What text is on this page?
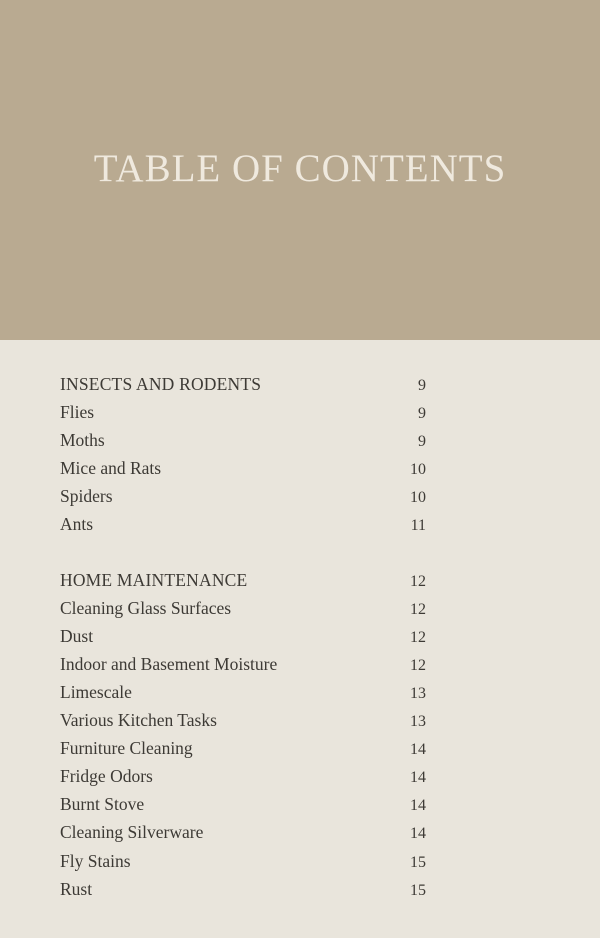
TABLE OF CONTENTS
INSECTS AND RODENTS	9
Flies	9
Moths	9
Mice and Rats	10
Spiders	10
Ants	11
HOME MAINTENANCE	12
Cleaning Glass Surfaces	12
Dust	12
Indoor and Basement Moisture	12
Limescale	13
Various Kitchen Tasks	13
Furniture Cleaning	14
Fridge Odors	14
Burnt Stove	14
Cleaning Silverware	14
Fly Stains	15
Rust	15
